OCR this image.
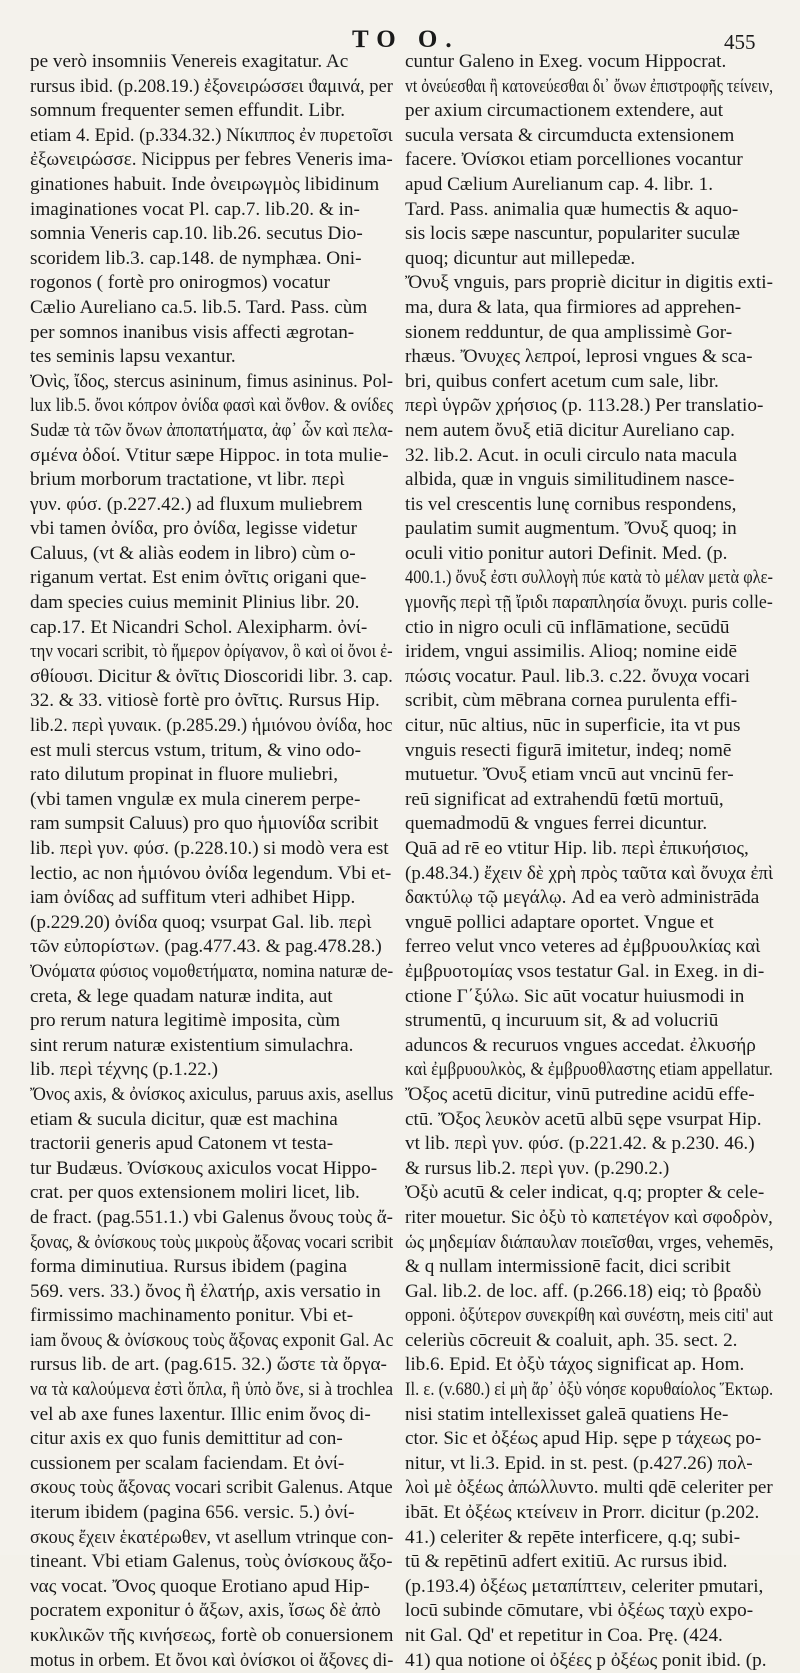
ΤΟ Ο.	455
pe verò insomniis Venereis exagitatur. Ac
rursus ibid. (p.208.19.) ἐξονειρώσσει ϑαμινά, per
somnum frequenter semen effundit. Libr.
etiam 4. Epid. (p.334.32.) Νίκιππος ἐν πυρετοῖσι
ἐξωνειρώσσε. Nicippus per febres Veneris ima-
ginationes habuit. Inde ὀνειρωγμὸς libidinum
imaginationes vocat Pl. cap.7. lib.20. & in-
somnia Veneris cap.10. lib.26. secutus Dio-
scoridem lib.3. cap.148. de nymphæa. Oni-
rogonos ( fortè pro onirogmos) vocatur
Cælio Aureliano ca.5. lib.5. Tard. Pass. cùm
per somnos inanibus visis affecti ægrotan-
tes seminis lapsu vexantur.
Ὀνὶς, ἴδος, stercus asininum, fimus asininus. Pol-
lux lib.5. ὄνοι κόπρον ὀνίδα φασὶ καὶ ὄνθον. & ονίδες
Sudæ τὰ τῶν ὄνων ἀποπατήματα, ἀφ᾽ ὧν καὶ πελα-
σμένα ὀδοί. Vtitur sæpe Hippoc. in tota mulie-
brium morborum tractatione, vt libr. περὶ
γυν. φύσ. (p.227.42.) ad fluxum muliebrem
vbi tamen ὀνίδα, pro ὀνίδα, legisse videtur
Caluus, (vt & aliàs eodem in libro) cùm o-
riganum vertat. Est enim ὀνῖτις origani que-
dam species cuius meminit Plinius libr. 20.
cap.17. Et Nicandri Schol. Alexipharm. ὀνί-
την vocari scribit, τὸ ἥμερον ὀρίγανον, ὃ καὶ οἱ ὄνοι ἐ-
σθίουσι. Dicitur & ὀνῖτις Dioscoridi libr. 3. cap.
32. & 33. vitiosè fortè pro ὀνῖτις. Rursus Hip.
lib.2. περὶ γυναικ. (p.285.29.) ἡμιόνου ὀνίδα, hoc
est muli stercus vstum, tritum, & vino odo-
rato dilutum propinat in fluore muliebri,
(vbi tamen vngulæ ex mula cinerem perpe-
ram sumpsit Caluus) pro quo ἡμιονίδα scribit
lib. περὶ γυν. φύσ. (p.228.10.) si modò vera est
lectio, ac non ἡμιόνου ὀνίδα legendum. Vbi et-
iam ὀνίδας ad suffitum vteri adhibet Hipp.
(p.229.20) ὀνίδα quoq; vsurpat Gal. lib. περὶ
τῶν εὐπορίστων. (pag.477.43. & pag.478.28.)
Ὀνόματα φύσιος νομοθετήματα, nomina naturæ de-
creta, & lege quadam naturæ indita, aut
pro rerum natura legitimè imposita, cùm
sint rerum naturæ existentium simulachra.
lib. περὶ τέχνης (p.1.22.)
Ὄνος axis, & ὀνίσκος axiculus, paruus axis, asellus
etiam & sucula dicitur, quæ est machina
tractorii generis apud Catonem vt testa-
tur Budæus. Ὀνίσκους axiculos vocat Hippo-
crat. per quos extensionem moliri licet, lib.
de fract. (pag.551.1.) vbi Galenus ὄνους τοὺς ἄ-
ξονας, & ὀνίσκους τοὺς μικροὺς ἄξονας vocari scribit
forma diminutiua. Rursus ibidem (pagina
569. vers. 33.) ὄνος ἢ ἐλατήρ, axis versatio in
firmissimo machinamento ponitur. Vbi et-
iam ὄνους & ὀνίσκους τοὺς ἄξονας exponit Gal. Ac
rursus lib. de art. (pag.615. 32.) ὥστε τὰ ὄργα-
να τὰ καλούμενα ἐστὶ ὅπλα, ἢ ὑπὸ ὄνε, si à trochlea
vel ab axe funes laxentur. Illic enim ὄνος di-
citur axis ex quo funis demittitur ad con-
cussionem per scalam faciendam. Et ὀνί-
σκους τοὺς ἄξονας vocari scribit Galenus. Atque
iterum ibidem (pagina 656. versic. 5.) ὀνί-
σκους ἔχειν ἑκατέρωθεν, vt asellum vtrinque con-
tineant. Vbi etiam Galenus, τοὺς ὀνίσκους ἄξο-
νας vocat. Ὄνος quoque Erotiano apud Hip-
pocratem exponitur ὁ ἄξων, axis, ἴσως δὲ ἀπὸ
κυκλικῶν τῆς κινήσεως, fortè ob conuersionem
motus in orbem. Et ὄνοι καὶ ὀνίσκοι οἱ ἄξονες di-
cuntur Galeno in Exeg. vocum Hippocrat.
vt ὀνεύεσθαι ἢ κατονεύεσθαι δι᾽ ὄνων ἐπιστροφῆς τείνειν,
per axium circumactionem extendere, aut
sucula versata & circumducta extensionem
facere. Ὀνίσκοι etiam porcelliones vocantur
apud Cælium Aurelianum cap. 4. libr. 1.
Tard. Pass. animalia quæ humectis & aquo-
sis locis sæpe nascuntur, populariter suculæ
quoq; dicuntur aut millepedæ.
Ὄνυξ vnguis, pars propriè dicitur in digitis exti-
ma, dura & lata, qua firmiores ad apprehen-
sionem redduntur, de qua amplissimè Gor-
rhæus. Ὄνυχες λεπροί, leprosi vngues & sca-
bri, quibus confert acetum cum sale, libr.
περὶ ὑγρῶν χρήσιος (p. 113.28.) Per translatio-
nem autem ὄνυξ etiā dicitur Aureliano cap.
32. lib.2. Acut. in oculi circulo nata macula
albida, quæ in vnguis similitudinem nasce-
tis vel crescentis lunę cornibus respondens,
paulatim sumit augmentum. Ὄνυξ quoq; in
oculi vitio ponitur autori Definit. Med. (p.
400.1.) ὄνυξ ἐστι συλλογὴ πύε κατὰ τὸ μέλαν μετὰ φλε-
γμονῆς περὶ τῇ ἴριδι παραπλησία ὄνυχι. puris colle-
ctio in nigro oculi cū inflāmatione, secūdū
iridem, vngui assimilis. Alioq; nomine eidē
πώσις vocatur. Paul. lib.3. c.22. ὄνυχα vocari
scribit, cùm mēbrana cornea purulenta effi-
citur, nūc altius, nūc in superficie, ita vt pus
vnguis resecti figurā imitetur, indeq; nomē
mutuetur. Ὄνυξ etiam vncū aut vncinū fer-
reū significat ad extrahendū fœtū mortuū,
quemadmodū & vngues ferrei dicuntur.
Quā ad rē eo vtitur Hip. lib. περὶ ἐπικυήσιος,
(p.48.34.) ἔχειν δὲ χρὴ πρὸς ταῦτα καὶ ὄνυχα ἐπὶ
δακτύλῳ τῷ μεγάλῳ. Ad ea verò administrāda
vnguē pollici adaptare oportet. Vngue et
ferreo velut vnco veteres ad ἐμβρυουλκίας καὶ
ἐμβρυοτομίας vsos testatur Gal. in Exeg. in di-
ctione Γ΄ξύλω. Sic aūt vocatur huiusmodi in
strumentū, q incuruum sit, & ad volucriū
aduncos & recuruos vngues accedat. ἐλκυσήρ
καὶ ἐμβρυουλκὸς, & ἐμβρυοθλαστης etiam appellatur.
Ὄξος acetū dicitur, vinū putredine acidū effe-
ctū. Ὄξος λευκὸν acetū albū sępe vsurpat Hip.
vt lib. περὶ γυν. φύσ. (p.221.42. & p.230. 46.)
& rursus lib.2. περὶ γυν. (p.290.2.)
Ὀξὺ acutū & celer indicat, q.q; propter & cele-
riter mouetur. Sic ὀξὺ τὸ καπετέγον καὶ σφοδρὸν,
ὡς μηδεμίαν διάπαυλαν ποιεῖσθαι, vrges, vehemēs,
& q nullam intermissionē facit, dici scribit
Gal. lib.2. de loc. aff. (p.266.18) eiq; τὸ βραδὺ
opponi. ὀξύτερον συνεκρίθη καὶ συνέστη, meis citi' aut
celeriùs cōcreuit & coaluit, aph. 35. sect. 2.
lib.6. Epid. Et ὀξὺ τάχος significat ap. Hom.
Il. ε. (v.680.) εἰ μὴ ἄρ᾽ ὀξὺ νόησε κορυθαίολος Ἕκτωρ.
nisi statim intellexisset galeā quatiens He-
ctor. Sic et ὀξέως apud Hip. sępe p τάχεως po-
nitur, vt li.3. Epid. in st. pest. (p.427.26) πολ-
λοὶ μὲ ὀξέως ἀπώλλυντο. multi qdē celeriter per
ibāt. Et ὀξέως κτείνειν in Prorr. dicitur (p.202.
41.) celeriter & repēte interficere, q.q; subi-
tū & repētinū adfert exitiū. Ac rursus ibid.
(p.193.4) ὀξέως μεταπίπτειν, celeriter pmutari,
locū subinde cōmutare, vbi ὀξέως ταχὺ expo-
nit Gal. Qd' et repetitur in Coa. Prę. (424.
41) qua notione οἱ ὀξέες p ὀξέως ponit ibid. (p.
